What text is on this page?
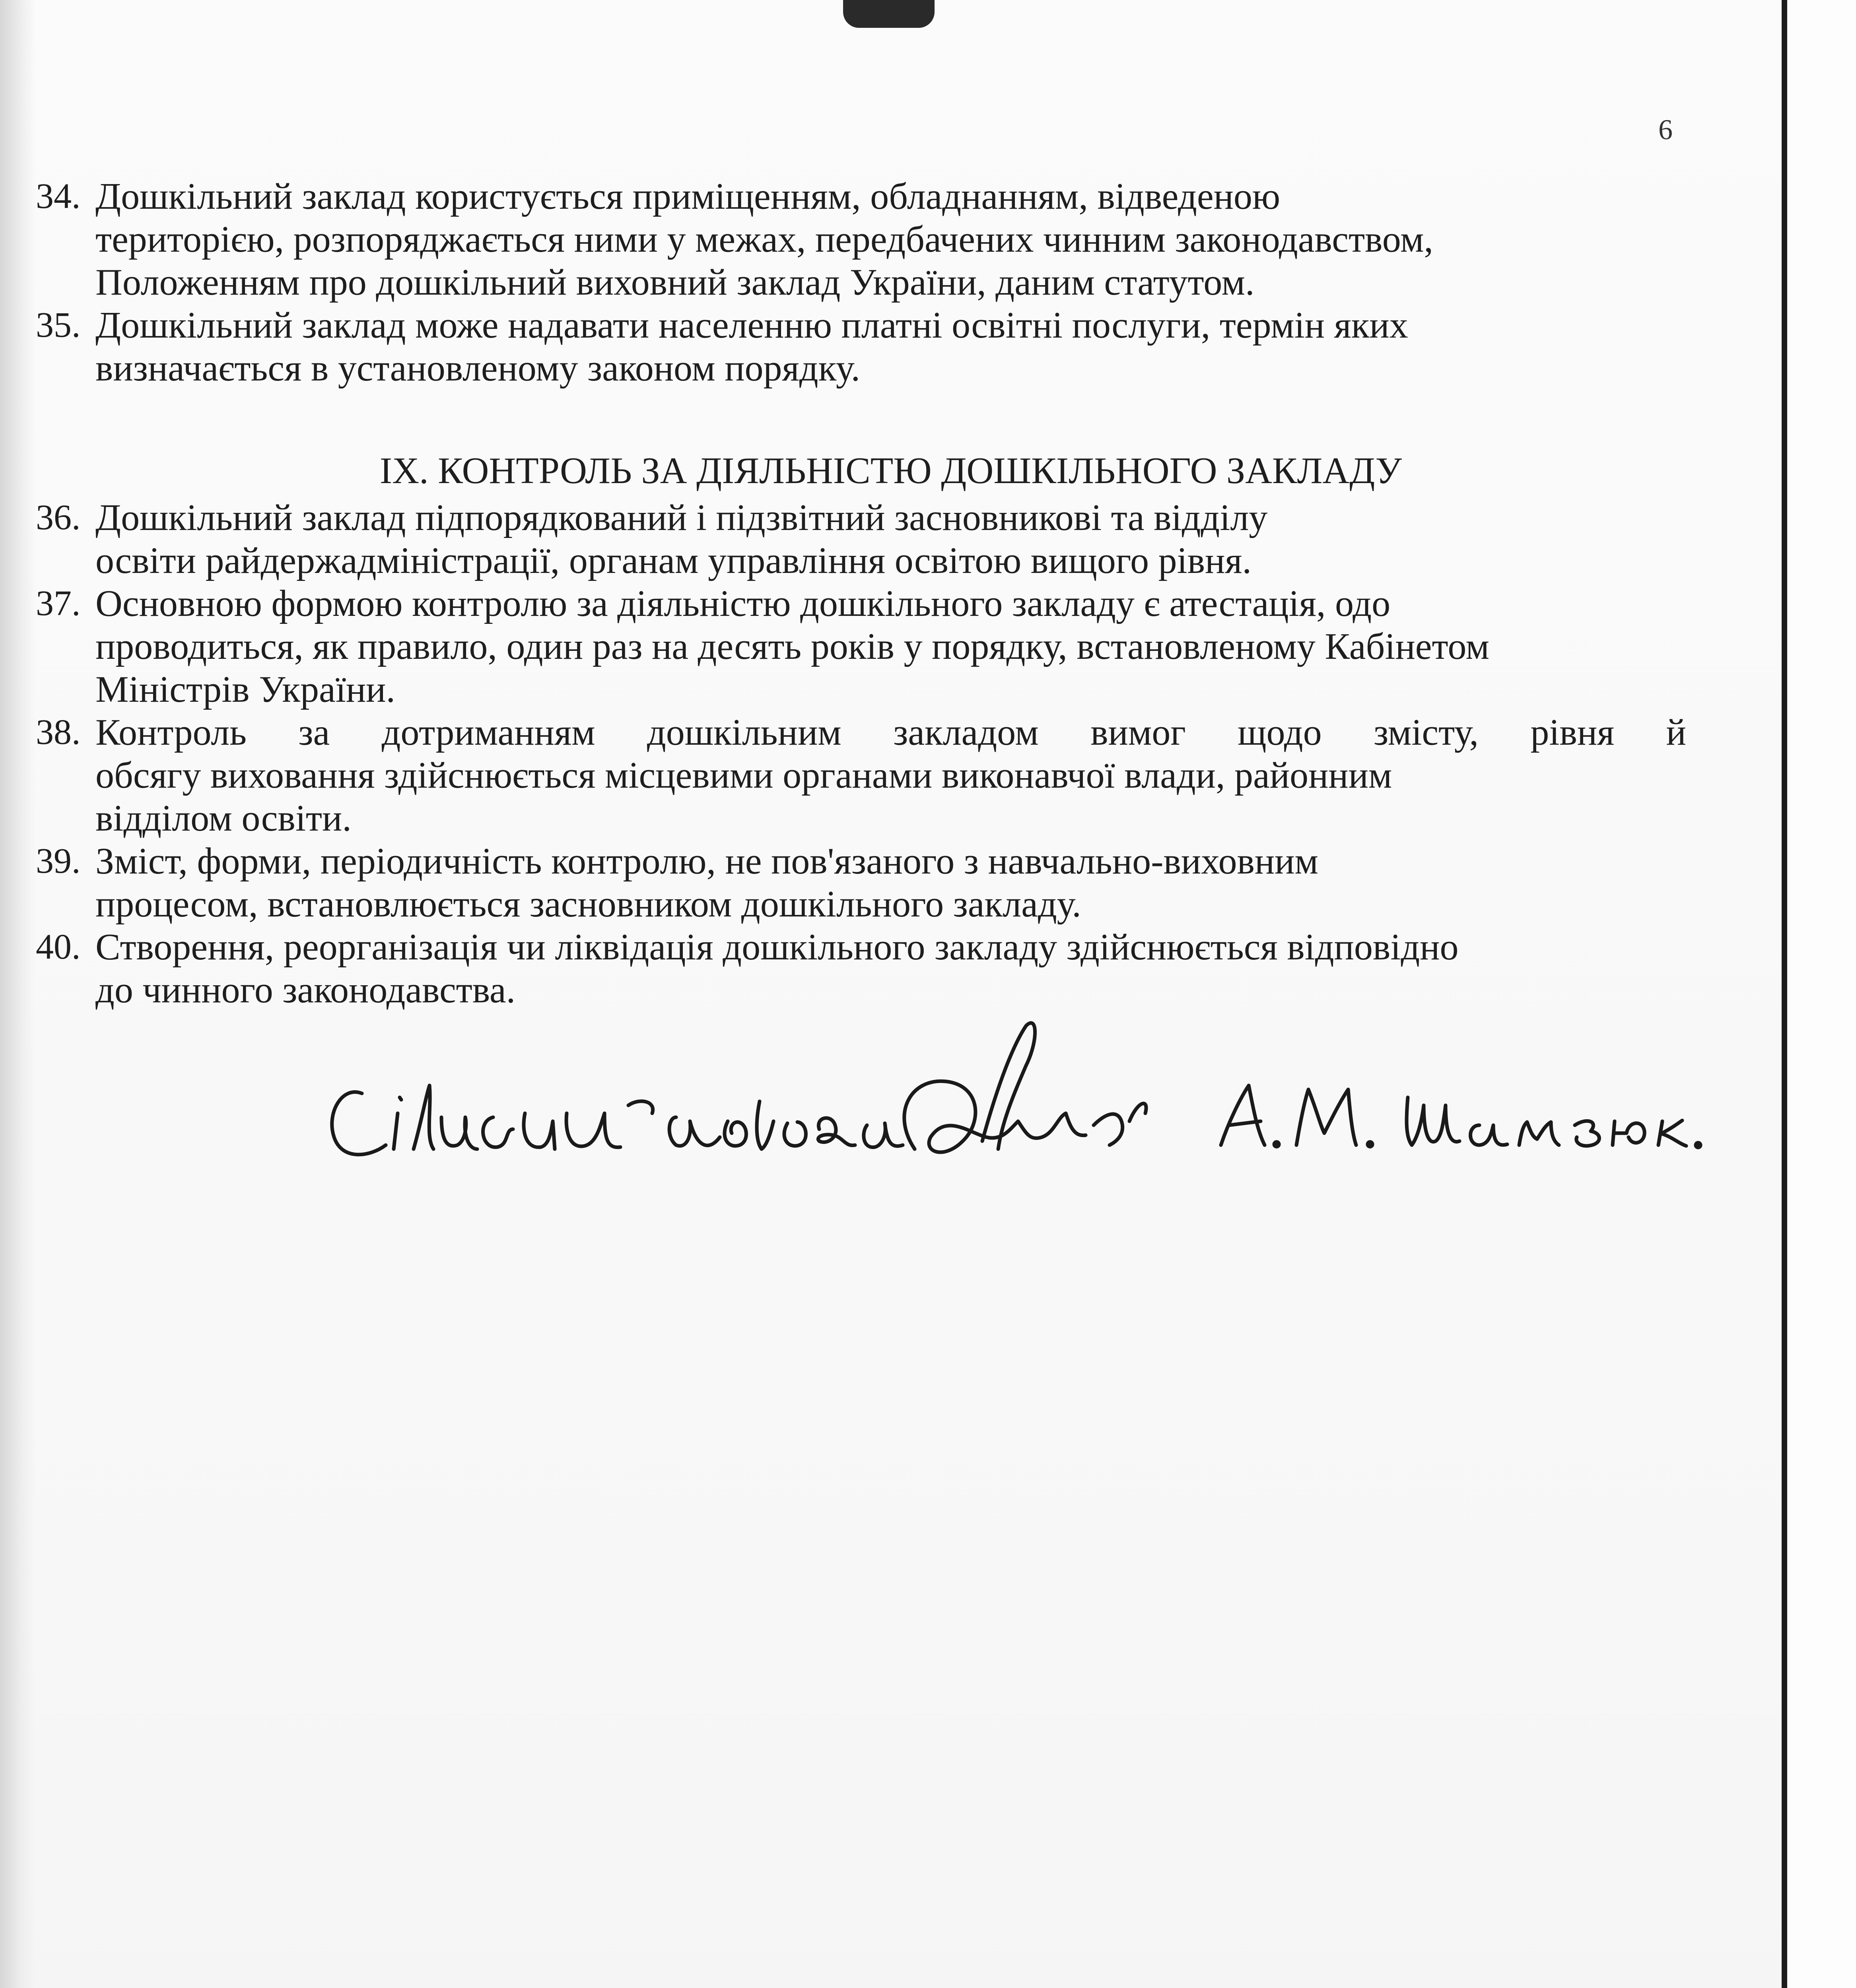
6
34. Дошкільний заклад користується приміщенням, обладнанням, відведеною
територією, розпоряджається ними у межах, передбачених чинним законодавством,
Положенням про дошкільний виховний заклад України, даним статутом.
35. Дошкільний заклад може надавати населенню платні освітні послуги, термін яких
визначається в установленому законом порядку.
ІХ. КОНТРОЛЬ ЗА ДІЯЛЬНІСТЮ ДОШКІЛЬНОГО ЗАКЛАДУ
36. Дошкільний заклад підпорядкований і підзвітний засновникові та відділу
освіти райдержадміністрації, органам управління освітою вищого рівня.
37. Основною формою контролю за діяльністю дошкільного закладу є атестація, одо
проводиться, як правило, один раз на десять років у порядку, встановленому Кабінетом
Міністрів України.
38. Контроль за дотриманням дошкільним закладом вимог щодо змісту, рівня й
обсягу виховання здійснюється місцевими органами виконавчої влади, районним
відділом освіти.
39. Зміст, форми, періодичність контролю, не пов'язаного з навчально-виховним
процесом, встановлюється засновником дошкільного закладу.
40. Створення, реорганізація чи ліквідація дошкільного закладу здійснюється відповідно
до чинного законодавства.
